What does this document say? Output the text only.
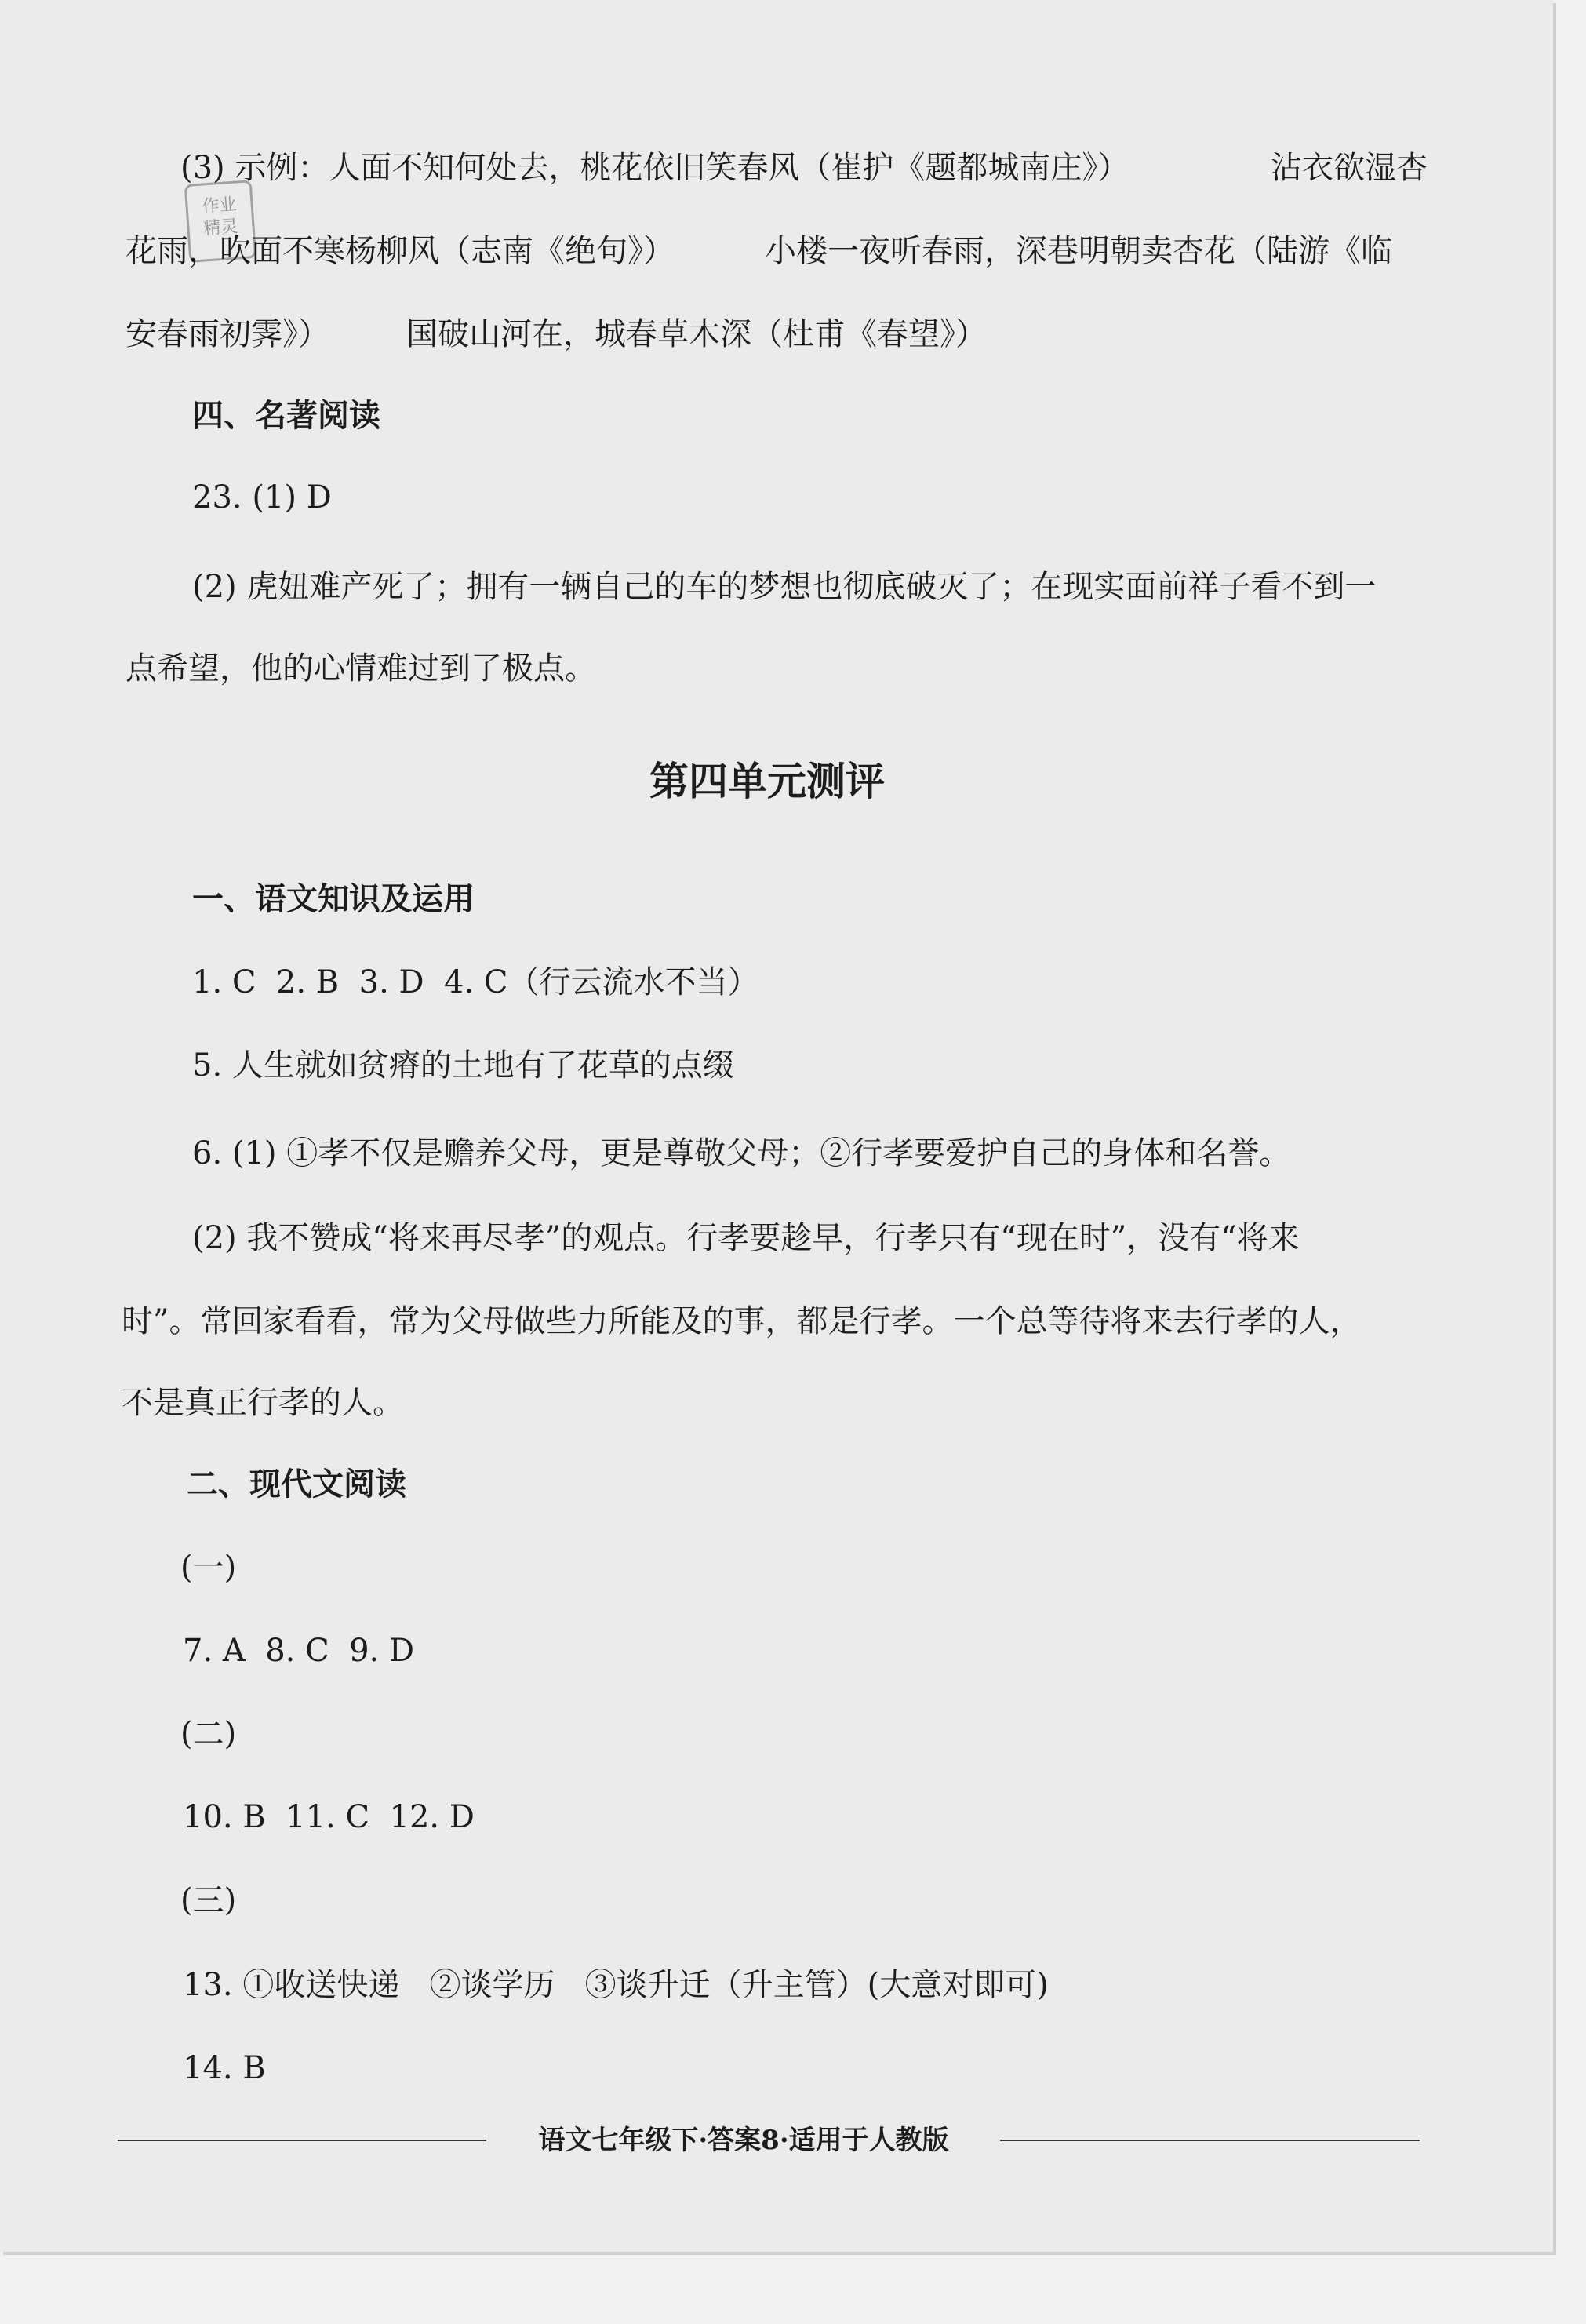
作业
精灵
(3) 示例：人面不知何处去，桃花依旧笑春风（崔护《题都城南庄》）	沾衣欲湿杏
花雨，吹面不寒杨柳风（志南《绝句》）	小楼一夜听春雨，深巷明朝卖杏花（陆游《临
安春雨初霁》） 国破山河在，城春草木深（杜甫《春望》）
四、名著阅读
23. (1) D
(2) 虎妞难产死了；拥有一辆自己的车的梦想也彻底破灭了；在现实面前祥子看不到一
点希望，他的心情难过到了极点。
第四单元测评
一、语文知识及运用
1. C  2. B  3. D  4. C（行云流水不当）
5. 人生就如贫瘠的土地有了花草的点缀
6. (1) ①孝不仅是赡养父母，更是尊敬父母；②行孝要爱护自己的身体和名誉。
(2) 我不赞成“将来再尽孝”的观点。行孝要趁早，行孝只有“现在时”，没有“将来
时”。常回家看看，常为父母做些力所能及的事，都是行孝。一个总等待将来去行孝的人，
不是真正行孝的人。
二、现代文阅读
(一)
7. A  8. C  9. D
(二)
10. B  11. C  12. D
(三)
13. ①收送快递   ②谈学历   ③谈升迁（升主管）(大意对即可)
14. B
语文七年级下·答案8·适用于人教版
